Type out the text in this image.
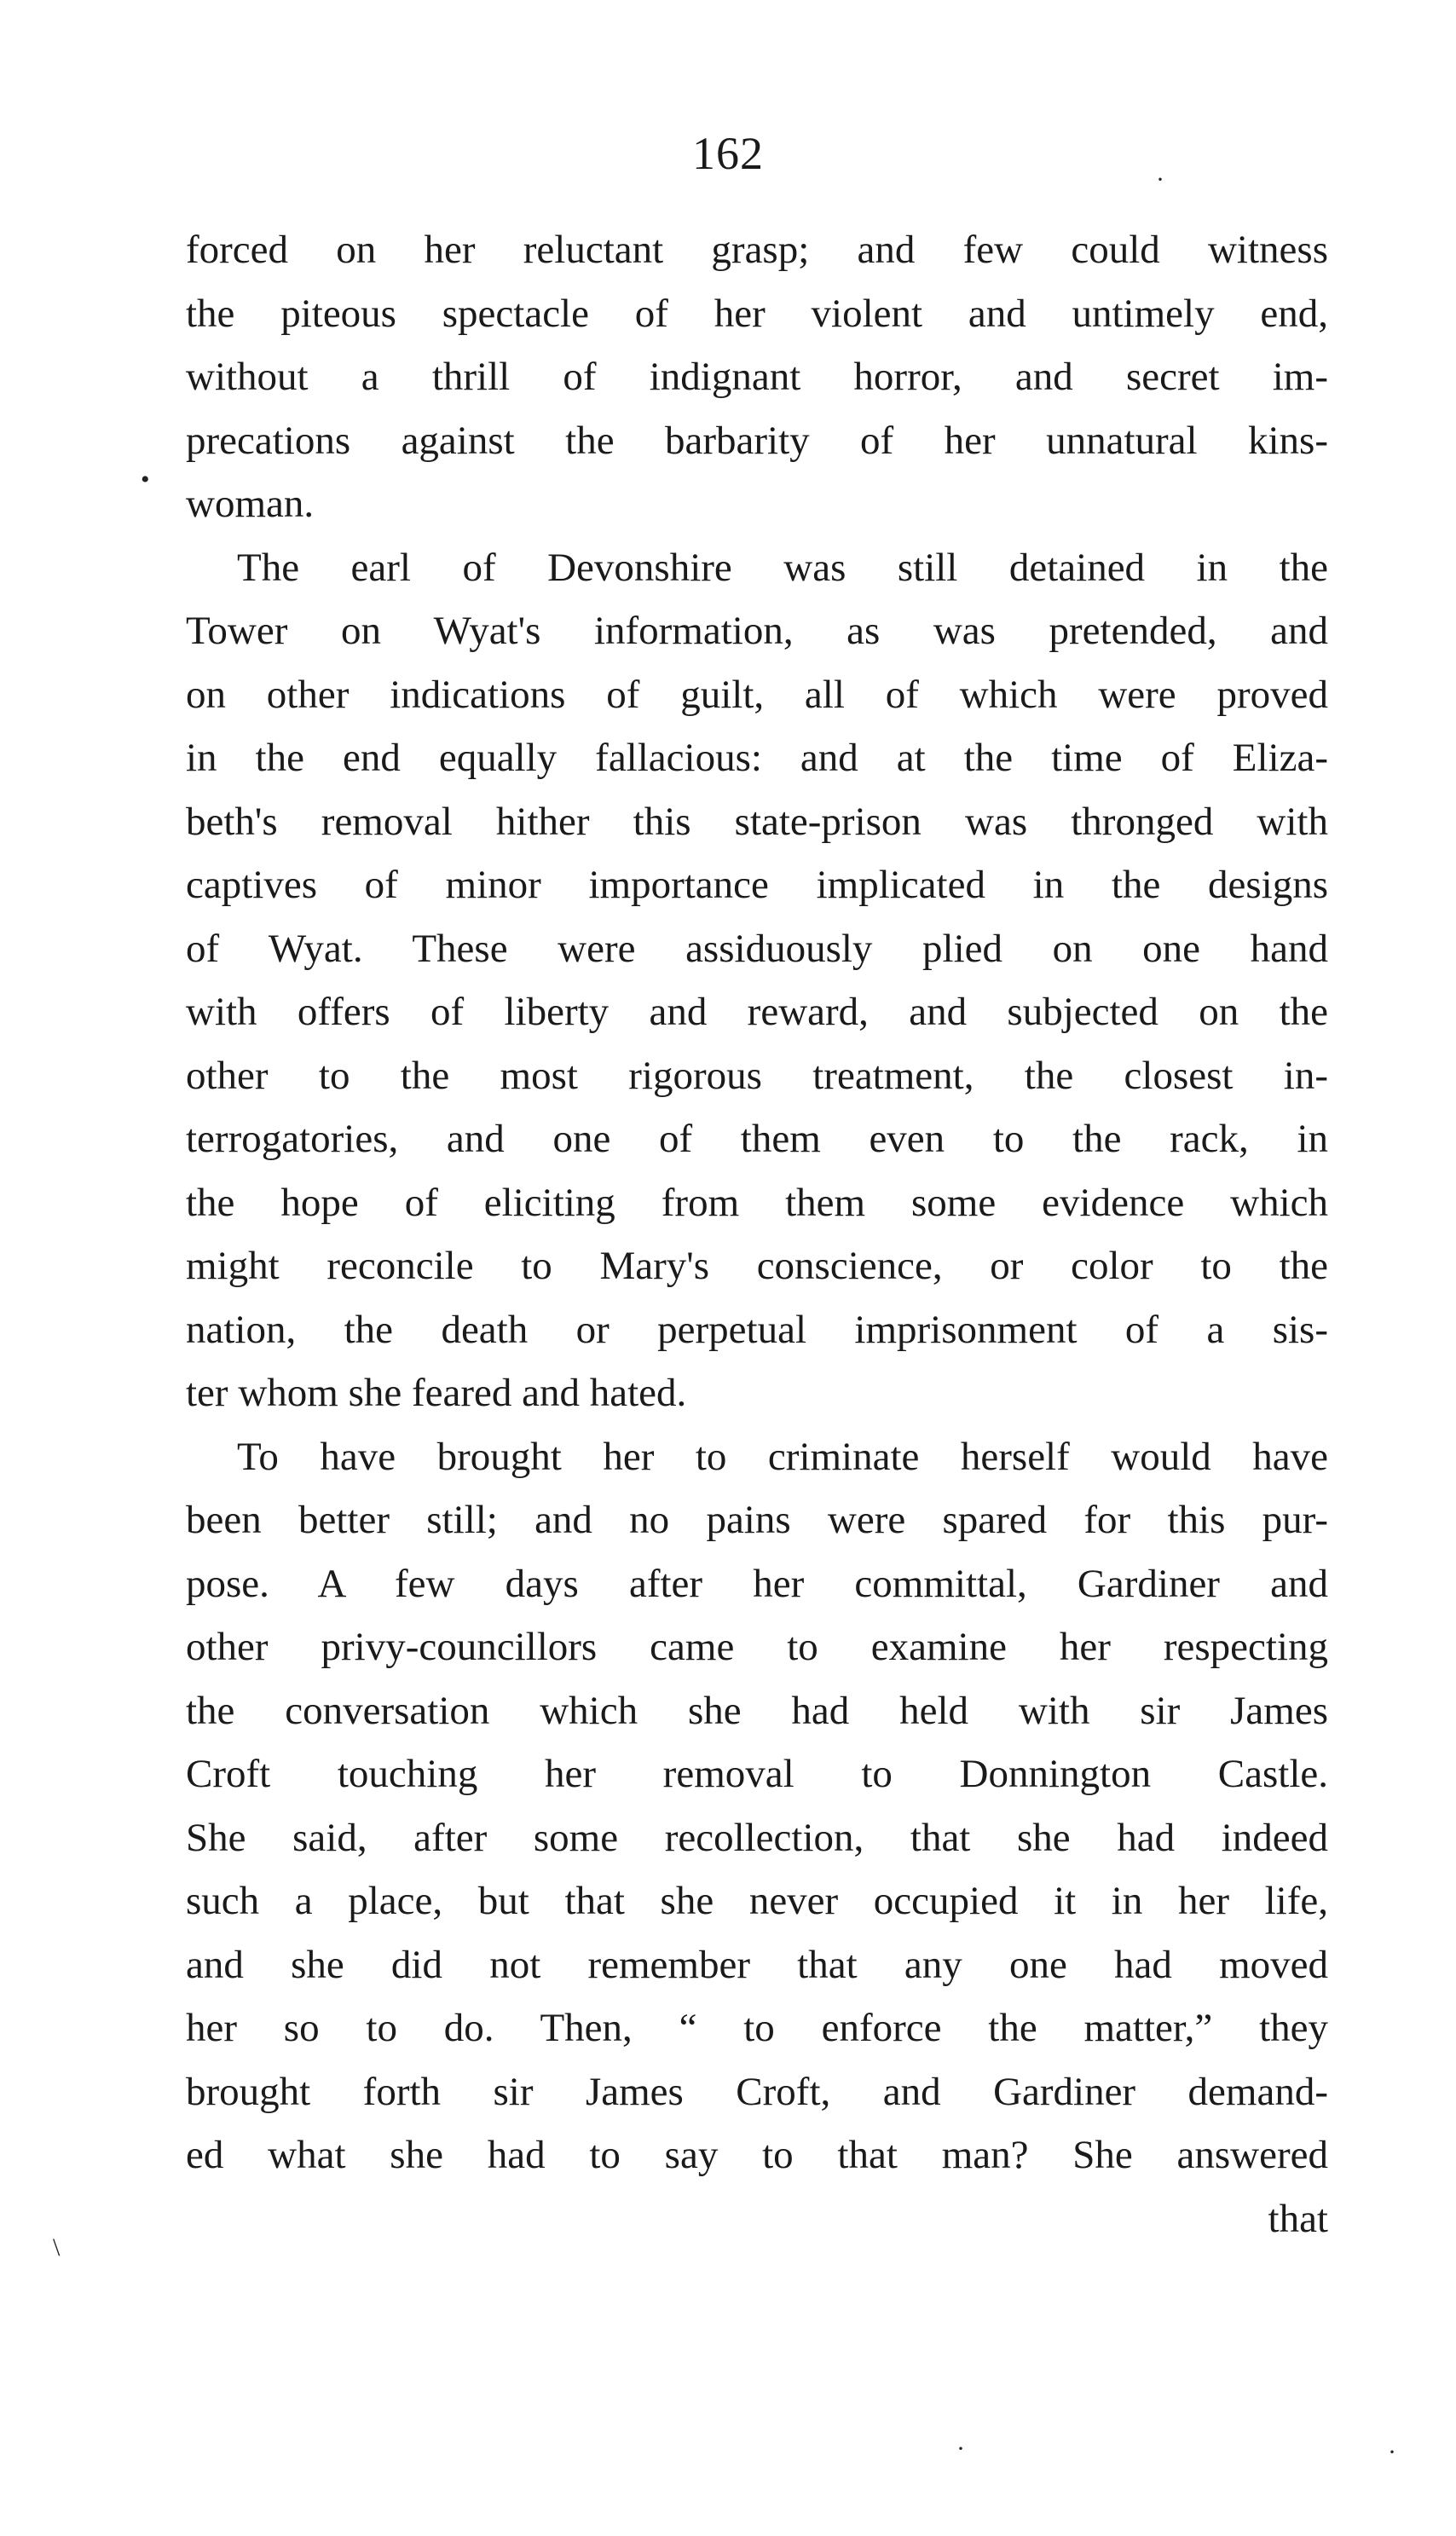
162
forced on her reluctant grasp; and few could witness
the piteous spectacle of her violent and untimely end,
without a thrill of indignant horror, and secret im-
precations against the barbarity of her unnatural kins-
woman.
The earl of Devonshire was still detained in the
Tower on Wyat's information, as was pretended, and
on other indications of guilt, all of which were proved
in the end equally fallacious: and at the time of Eliza-
beth's removal hither this state-prison was thronged with
captives of minor importance implicated in the designs
of Wyat. These were assiduously plied on one hand
with offers of liberty and reward, and subjected on the
other to the most rigorous treatment, the closest in-
terrogatories, and one of them even to the rack, in
the hope of eliciting from them some evidence which
might reconcile to Mary's conscience, or color to the
nation, the death or perpetual imprisonment of a sis-
ter whom she feared and hated.
To have brought her to criminate herself would have
been better still; and no pains were spared for this pur-
pose. A few days after her committal, Gardiner and
other privy-councillors came to examine her respecting
the conversation which she had held with sir James
Croft touching her removal to Donnington Castle.
She said, after some recollection, that she had indeed
such a place, but that she never occupied it in her life,
and she did not remember that any one had moved
her so to do. Then, “ to enforce the matter,” they
brought forth sir James Croft, and Gardiner demand-
ed what she had to say to that man? She answered
that
·
•
\
·	·
